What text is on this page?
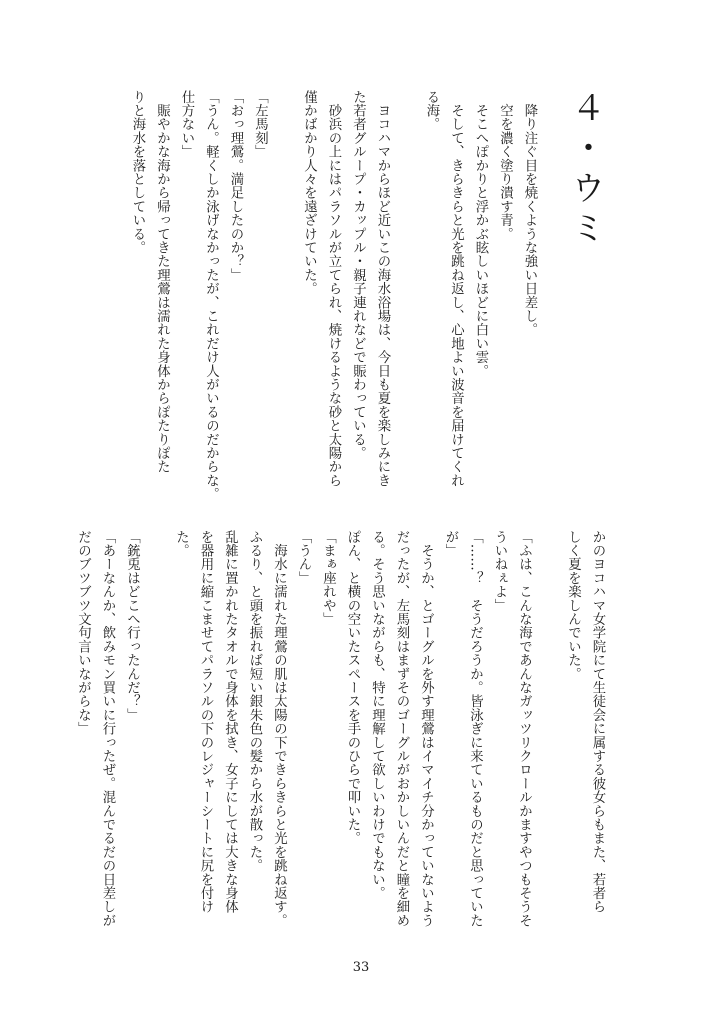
４・ウミ
　降り注ぐ目を焼くような強い日差し。
　空を濃く塗り潰す青。
　そこへぽかりと浮かぶ眩しいほどに白い雲。
　そして、きらきらと光を跳ね返し、心地よい波音を届けてくれ
る海。
　ヨコハマからほど近いこの海水浴場は、今日も夏を楽しみにき
た若者グループ・カップル・親子連れなどで賑わっている。
　砂浜の上にはパラソルが立てられ、焼けるような砂と太陽から
僅かばかり人々を遠ざけていた。
「左馬刻」
「おっ理鶯。満足したのか？」
「うん。軽くしか泳げなかったが、これだけ人がいるのだからな。
仕方ない」
　賑やかな海から帰ってきた理鶯は濡れた身体からぽたりぽた
りと海水を落としている。
かのヨコハマ女学院にて生徒会に属する彼女らもまた、若者ら
しく夏を楽しんでいた。
「ふは、こんな海であんなガッツリクロールかますやつもそうそ
ういねぇよ」
「……？　そうだろうか。皆泳ぎに来ているものだと思っていた
が」
　そうか、とゴーグルを外す理鶯はイマイチ分かっていないよう
だったが、左馬刻はまずそのゴーグルがおかしいんだと瞳を細め
る。そう思いながらも、特に理解して欲しいわけでもない。
ぽん、と横の空いたスペースを手のひらで叩いた。
「まぁ座れや」
「うん」
　海水に濡れた理鶯の肌は太陽の下できらきらと光を跳ね返す。
ふるり、と頭を振れば短い銀朱色の髪から水が散った。
乱雑に置かれたタオルで身体を拭き、女子にしては大きな身体
を器用に縮こませてパラソルの下のレジャーシートに尻を付け
た。
「銃兎はどこへ行ったんだ？」
「あーなんか、飲みモン買いに行ったぜ。混んでるだの日差しが
だのブツブツ文句言いながらな」
33
